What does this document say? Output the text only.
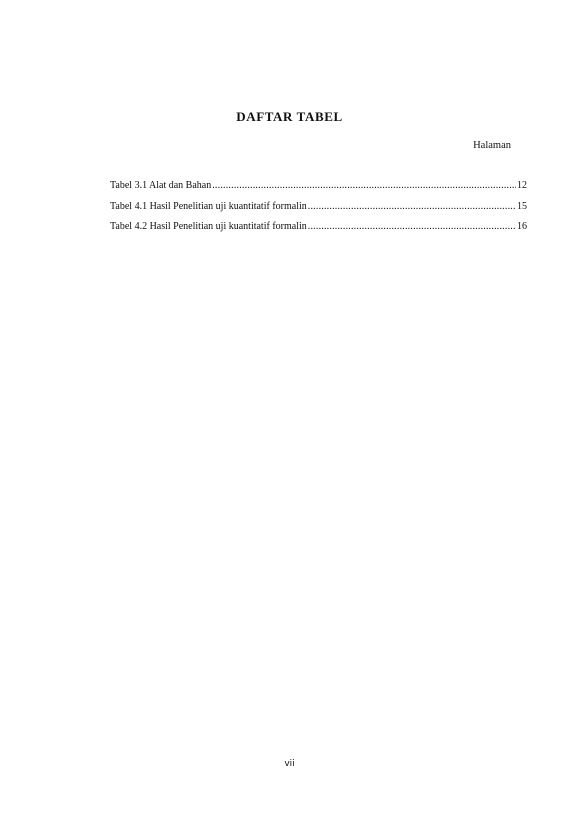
DAFTAR TABEL
Halaman
Tabel 3.1 Alat dan Bahan .....	12
Tabel 4.1 Hasil Penelitian uji kuantitatif formalin .....	15
Tabel 4.2 Hasil Penelitian uji kuantitatif formalin .....	16
vii
